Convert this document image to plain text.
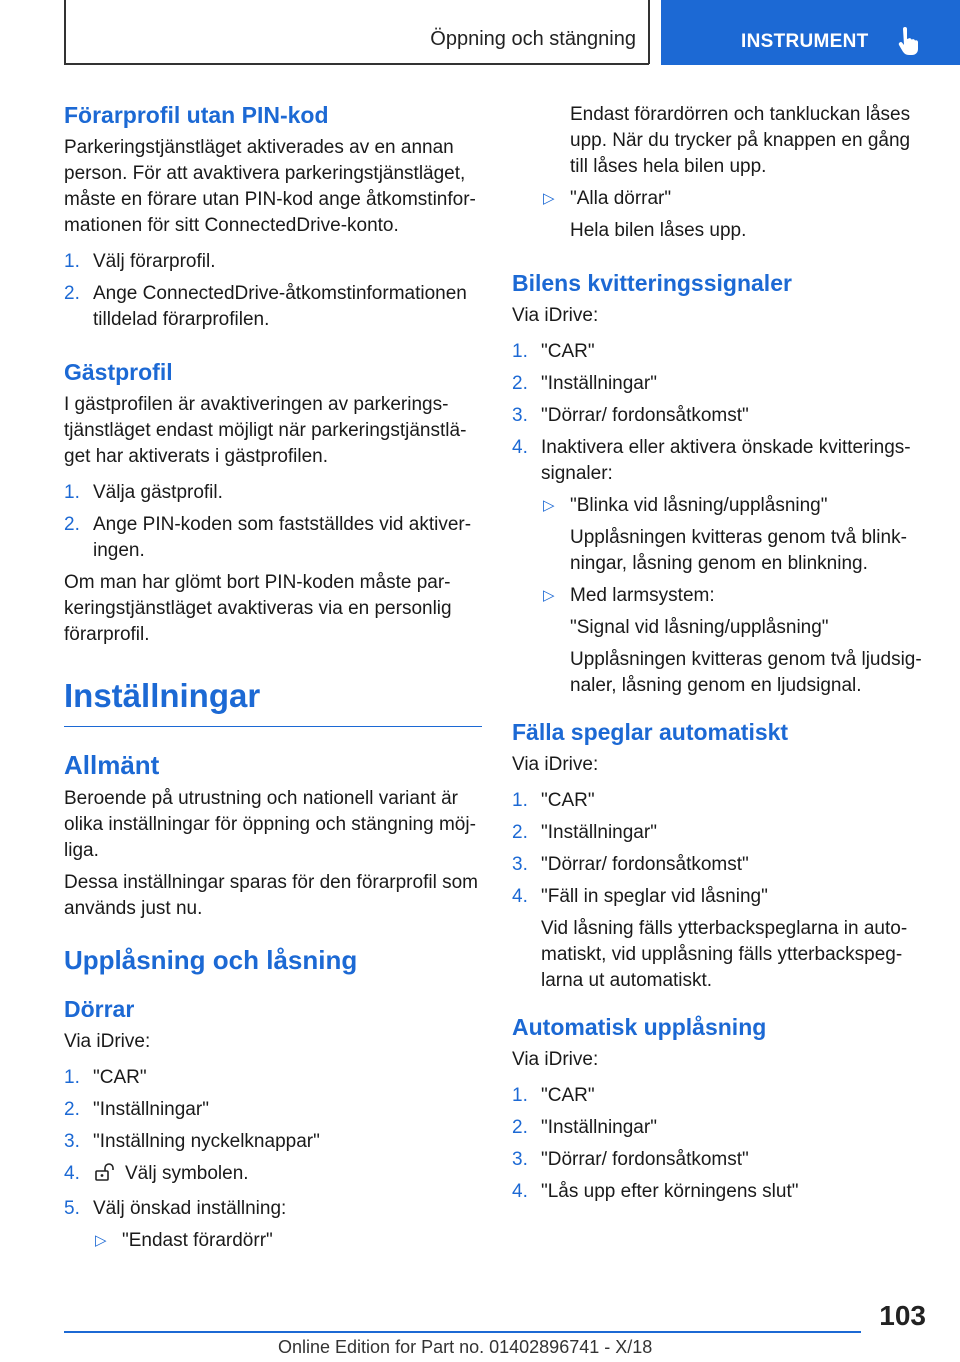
Öppning och stängning	INSTRUMENT
Förarprofil utan PIN-kod
Parkeringstjänstläget aktiverades av en annan person. För att avaktivera parkeringstjänstläget, måste en förare utan PIN-kod ange åtkomstinformationen för sitt ConnectedDrive-konto.
1. Välj förarprofil.
2. Ange ConnectedDrive-åtkomstinformationen tilldelad förarprofilen.
Gästprofil
I gästprofilen är avaktiveringen av parkeringstjänstläget endast möjligt när parkeringstjänstläget har aktiverats i gästprofilen.
1. Välja gästprofil.
2. Ange PIN-koden som fastställdes vid aktiveringen.
Om man har glömt bort PIN-koden måste parkeringstjänstläget avaktiveras via en personlig förarprofil.
Inställningar
Allmänt
Beroende på utrustning och nationell variant är olika inställningar för öppning och stängning möjliga.
Dessa inställningar sparas för den förarprofil som används just nu.
Upplåsning och låsning
Dörrar
Via iDrive:
1. "CAR"
2. "Inställningar"
3. "Inställning nyckelknappar"
4. Välj symbolen.
5. Välj önskad inställning:
▷ "Endast förardörr"
Endast förardörren och tankluckan låses upp. När du trycker på knappen en gång till låses hela bilen upp.
▷ "Alla dörrar"
Hela bilen låses upp.
Bilens kvitteringssignaler
Via iDrive:
1. "CAR"
2. "Inställningar"
3. "Dörrar/ fordonsåtkomst"
4. Inaktivera eller aktivera önskade kvitteringssignaler:
▷ "Blinka vid låsning/upplåsning"
Upplåsningen kvitteras genom två blinkningar, låsning genom en blinkning.
▷ Med larmsystem:
"Signal vid låsning/upplåsning"
Upplåsningen kvitteras genom två ljudsignaler, låsning genom en ljudsignal.
Fälla speglar automatiskt
Via iDrive:
1. "CAR"
2. "Inställningar"
3. "Dörrar/ fordonsåtkomst"
4. "Fäll in speglar vid låsning"
Vid låsning fälls ytterbackspeglarna in automatiskt, vid upplåsning fälls ytterbackspeglarna ut automatiskt.
Automatisk upplåsning
Via iDrive:
1. "CAR"
2. "Inställningar"
3. "Dörrar/ fordonsåtkomst"
4. "Lås upp efter körningens slut"
103
Online Edition for Part no. 01402896741 - X/18
